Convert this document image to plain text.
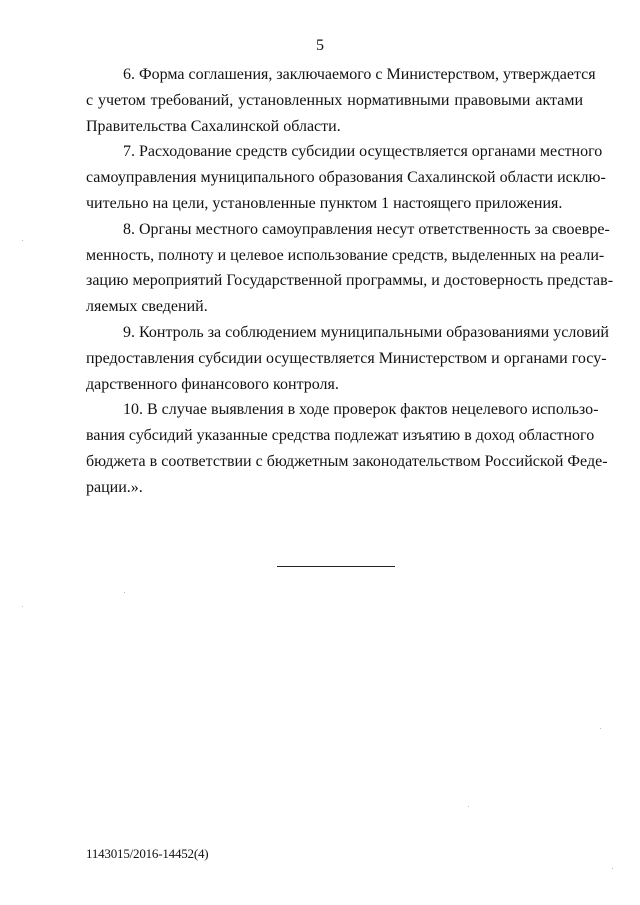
5

6. Форма соглашения, заключаемого с Министерством, утверждается
с учетом требований, установленных нормативными правовыми актами
Правительства Сахалинской области.

7. Расходование средств субсидии осуществляется органами местного
самоуправления муниципального образования Сахалинской области исклю-
чительно на цели, установленные пунктом 1 настоящего приложения.

8. Органы местного самоуправления несут ответственность за своевре-
менность, полноту и целевое использование средств, выделенных на реали-
зацию мероприятий Государственной программы, и достоверность представ-
ляемых сведений.

9. Контроль за соблюдением муниципальными образованиями условий
предоставления субсидии осуществляется Министерством и органами госу-
дарственного финансового контроля.

10. В случае выявления в ходе проверок фактов нецелевого использо-
вания субсидий указанные средства подлежат изъятию в доход областного
бюджета в соответствии с бюджетным законодательством Российской Феде-
рации.».

1143015/2016-14452(4)
